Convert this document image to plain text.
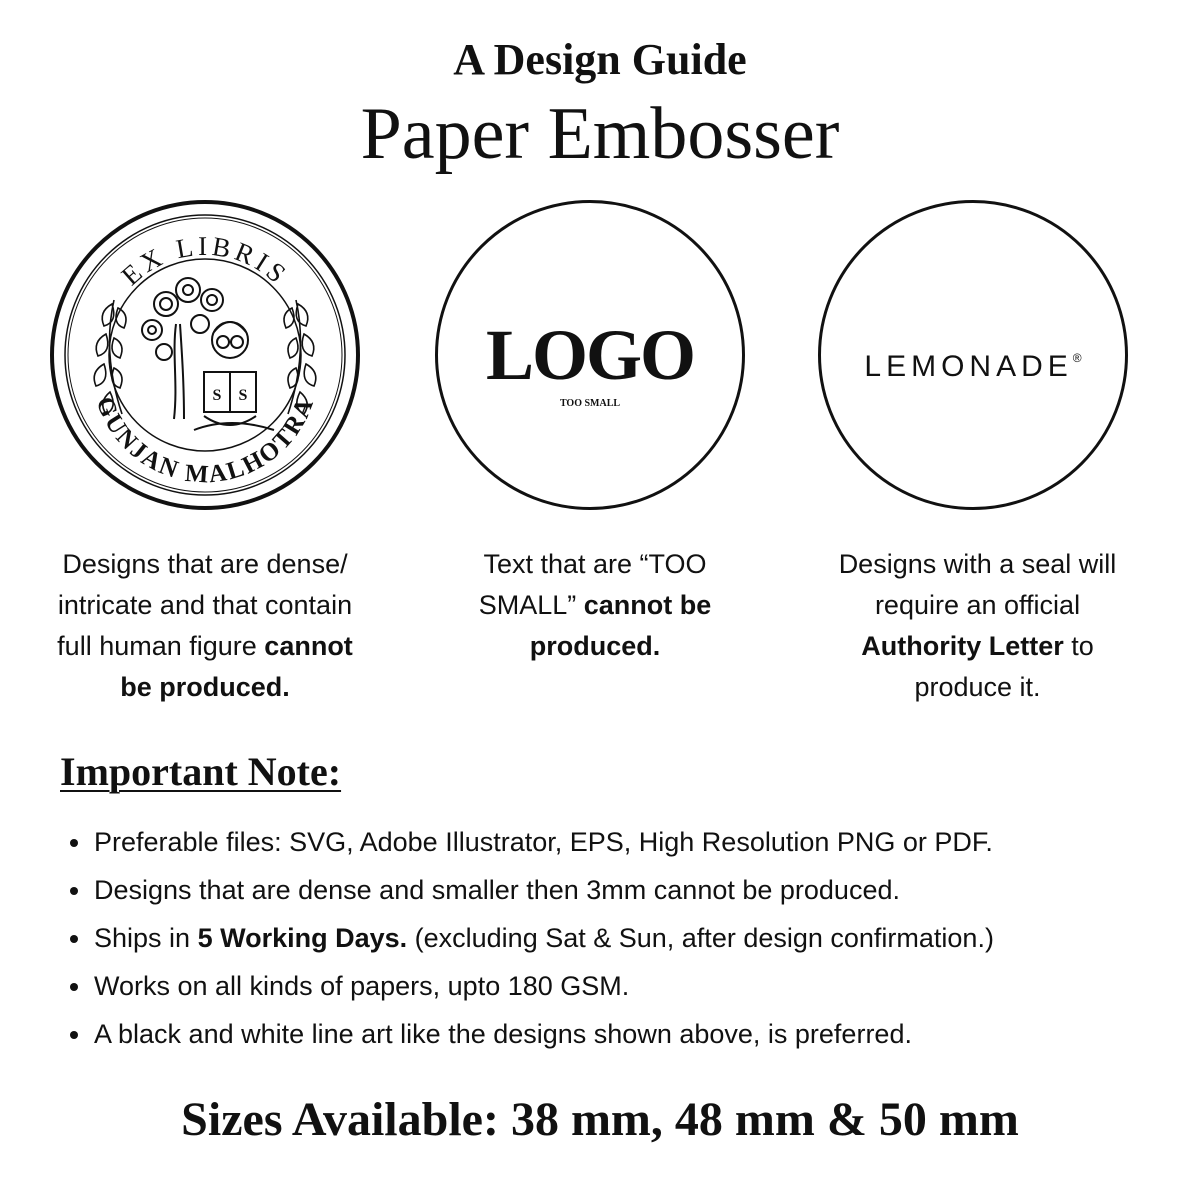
A Design Guide
Paper Embosser
EX LIBRIS
GUNJAN MALHOTRA
S S
LOGO
TOO SMALL
LEMONADE®
Designs that are dense/
intricate and that contain
full human figure cannot
be produced.
Text that are “TOO
SMALL” cannot be
produced.
Designs with a seal will
require an official
Authority Letter to
produce it.
Important Note:
Preferable files: SVG, Adobe Illustrator, EPS, High Resolution PNG or PDF.
Designs that are dense and smaller then 3mm cannot be produced.
Ships in 5 Working Days. (excluding Sat & Sun, after design confirmation.)
Works on all kinds of papers, upto 180 GSM.
A black and white line art like the designs shown above, is preferred.
Sizes Available: 38 mm, 48 mm & 50 mm
